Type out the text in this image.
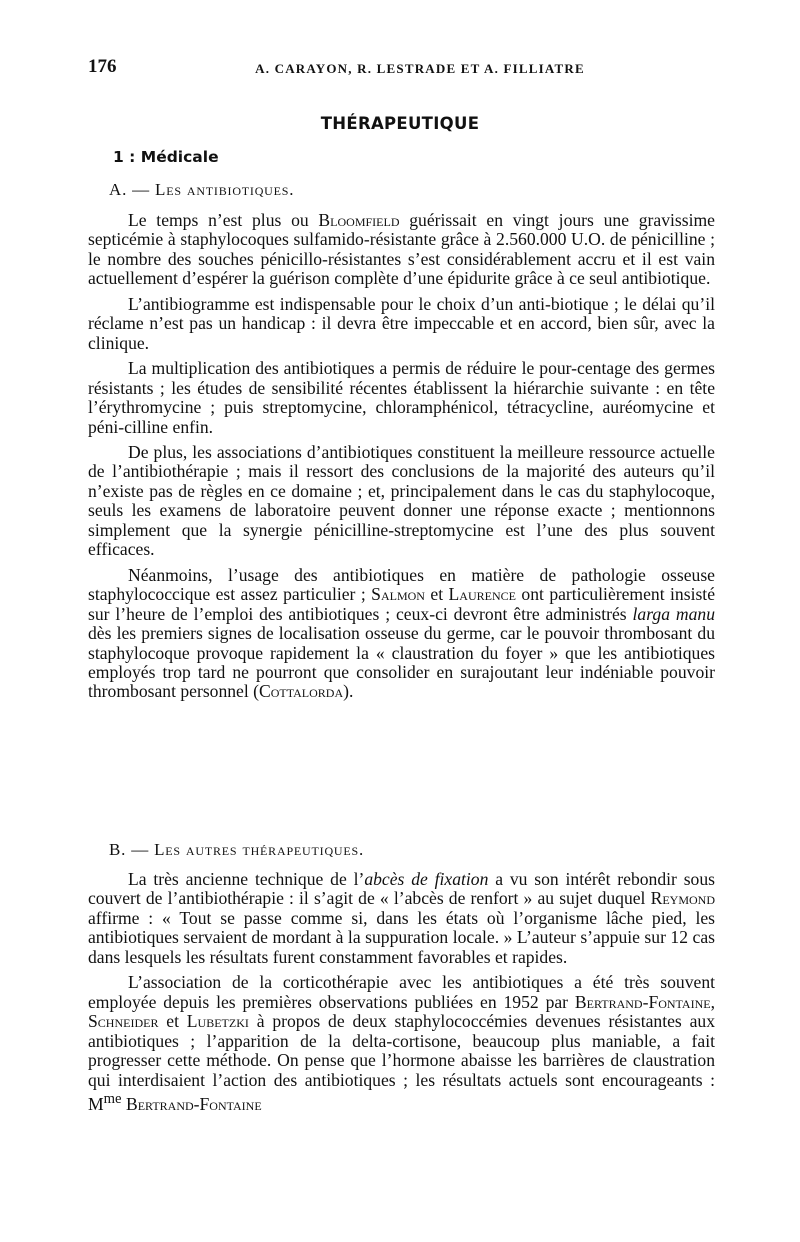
176	A. CARAYON, R. LESTRADE ET A. FILLIATRE
THÉRAPEUTIQUE
1 : Médicale
A. — Les antibiotiques.

Le temps n’est plus ou Bloomfield guérissait en vingt jours une gravissime septicémie à staphylocoques sulfamido-résistante grâce à 2.560.000 U.O. de pénicilline ; le nombre des souches pénicillo-résistantes s’est considérablement accru et il est vain actuellement d’espérer la guérison complète d’une épidurite grâce à ce seul antibiotique.

L’antibiogramme est indispensable pour le choix d’un anti-biotique ; le délai qu’il réclame n’est pas un handicap : il devra être impeccable et en accord, bien sûr, avec la clinique.

La multiplication des antibiotiques a permis de réduire le pour-centage des germes résistants ; les études de sensibilité récentes établissent la hiérarchie suivante : en tête l’érythromycine ; puis streptomycine, chloramphénicol, tétracycline, auréomycine et péni-cilline enfin.

De plus, les associations d’antibiotiques constituent la meilleure ressource actuelle de l’antibiothérapie ; mais il ressort des conclusions de la majorité des auteurs qu’il n’existe pas de règles en ce domaine ; et, principalement dans le cas du staphylocoque, seuls les examens de laboratoire peuvent donner une réponse exacte ; mentionnons simplement que la synergie pénicilline-streptomycine est l’une des plus souvent efficaces.

Néanmoins, l’usage des antibiotiques en matière de pathologie osseuse staphylococcique est assez particulier ; Salmon et Laurence ont particulièrement insisté sur l’heure de l’emploi des antibiotiques ; ceux-ci devront être administrés larga manu dès les premiers signes de localisation osseuse du germe, car le pouvoir thrombosant du staphylocoque provoque rapidement la « claustration du foyer » que les antibiotiques employés trop tard ne pourront que consolider en surajoutant leur indéniable pouvoir thrombosant personnel (Cottalorda).

B. — Les autres thérapeutiques.

La très ancienne technique de l’abcès de fixation a vu son intérêt rebondir sous couvert de l’antibiothérapie : il s’agit de « l’abcès de renfort » au sujet duquel Reymond affirme : « Tout se passe comme si, dans les états où l’organisme lâche pied, les antibiotiques servaient de mordant à la suppuration locale. » L’auteur s’appuie sur 12 cas dans lesquels les résultats furent constamment favorables et rapides.

L’association de la corticothérapie avec les antibiotiques a été très souvent employée depuis les premières observations publiées en 1952 par Bertrand-Fontaine, Schneider et Lubetzki à propos de deux staphylococcémies devenues résistantes aux antibiotiques ; l’apparition de la delta-cortisone, beaucoup plus maniable, a fait progresser cette méthode. On pense que l’hormone abaisse les barrières de claustration qui interdisaient l’action des antibiotiques ; les résultats actuels sont encourageants : $M^{me}$ Bertrand-Fontaine
